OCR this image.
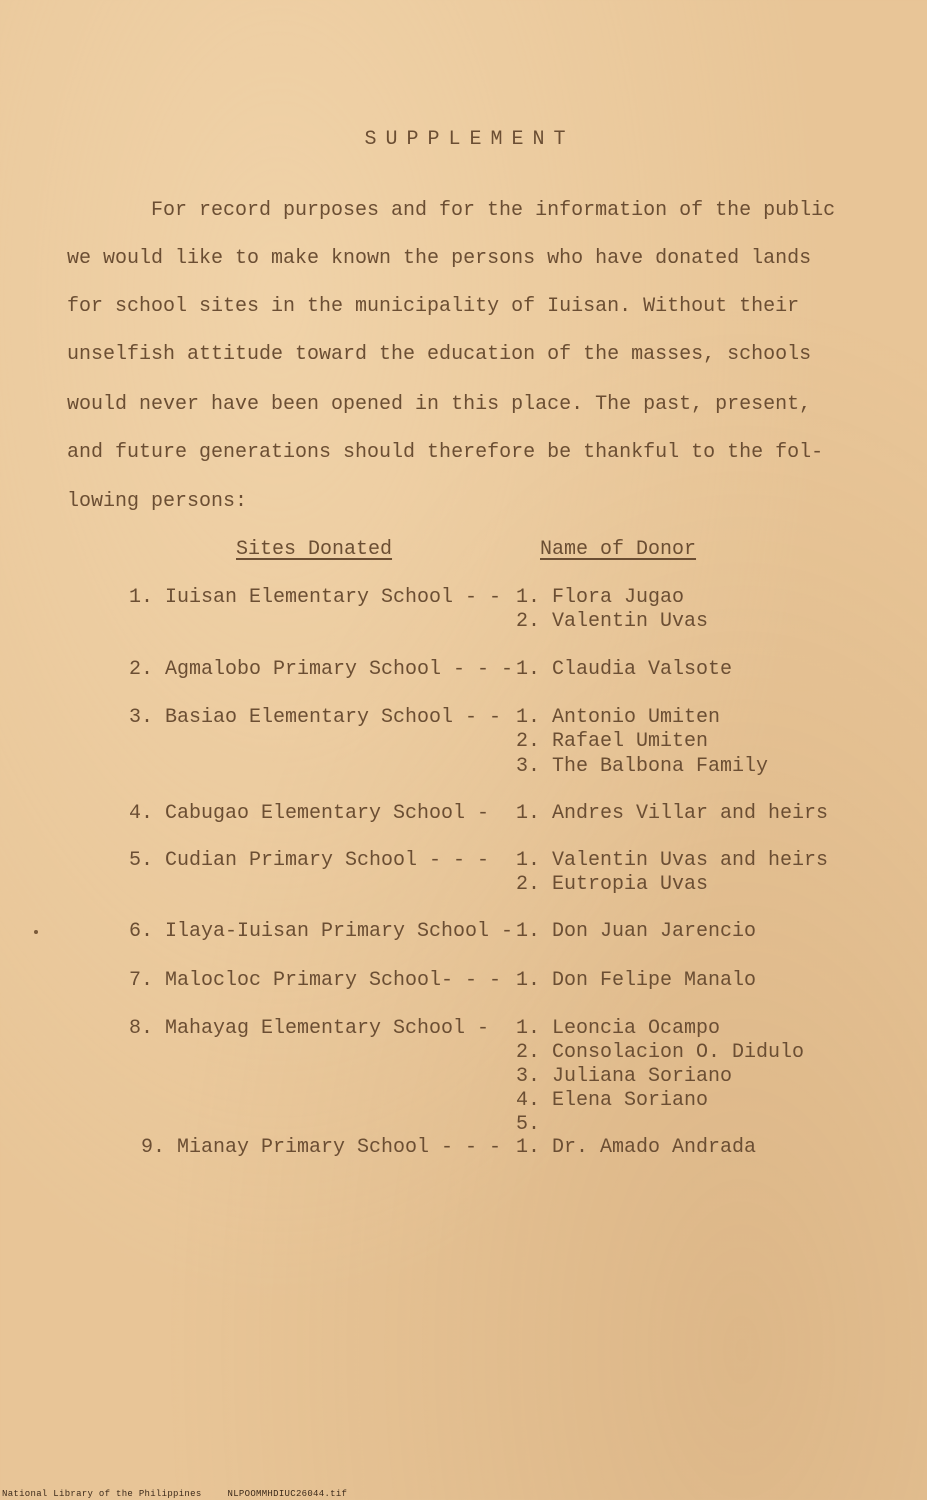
SUPPLEMENT
For record purposes and for the information of the public
we would like to make known the persons who have donated lands
for school sites in the municipality of Iuisan. Without their
unselfish attitude toward the education of the masses, schools
would never have been opened in this place. The past, present,
and future generations should therefore be thankful to the fol-
lowing persons:
Sites Donated	Name of Donor
1. Iuisan Elementary School - - 1. Flora Jugao
2. Valentin Uvas
2. Agmalobo Primary School - - - 1. Claudia Valsote
3. Basiao Elementary School - - 1. Antonio Umiten
2. Rafael Umiten
3. The Balbona Family
4. Cabugao Elementary School - 1. Andres Villar and heirs
5. Cudian Primary School - - - 1. Valentin Uvas and heirs
2. Eutropia Uvas
6. Ilaya-Iuisan Primary School - 1. Don Juan Jarencio
7. Malocloc Primary School- - - 1. Don Felipe Manalo
8. Mahayag Elementary School - 1. Leoncia Ocampo
2. Consolacion O. Didulo
3. Juliana Soriano
4. Elena Soriano
5.
9. Mianay Primary School - - - 1. Dr. Amado Andrada
National Library of the Philippines	NLPOOMMHDIUC26044.tif
